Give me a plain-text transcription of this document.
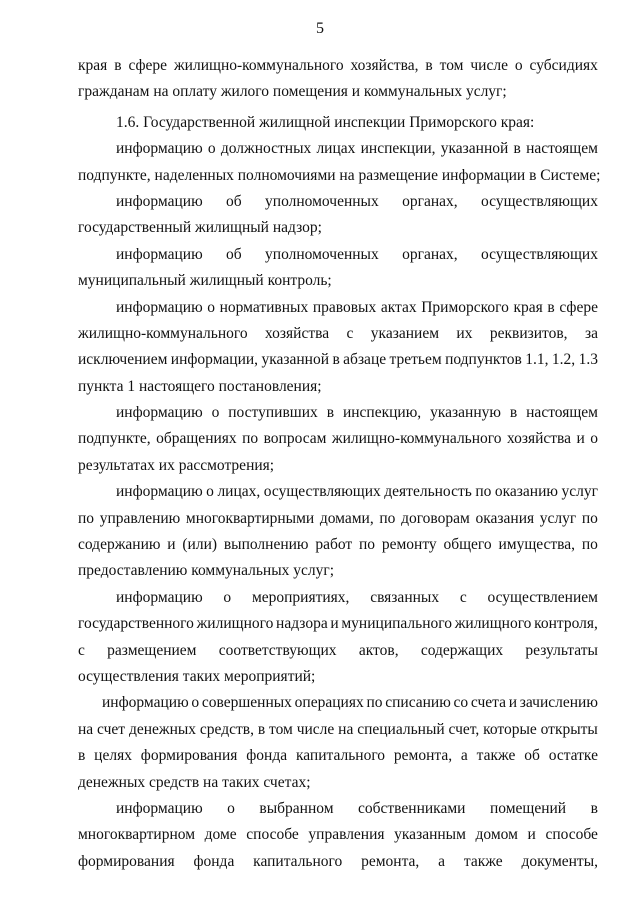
5
края в сфере жилищно-коммунального хозяйства, в том числе о субсидиях
гражданам на оплату жилого помещения и коммунальных услуг;
1.6. Государственной жилищной инспекции Приморского края:
информацию о должностных лицах инспекции, указанной в настоящем
подпункте, наделенных полномочиями на размещение информации в Системе;
информацию об уполномоченных органах, осуществляющих
государственный жилищный надзор;
информацию об уполномоченных органах, осуществляющих
муниципальный жилищный контроль;
информацию о нормативных правовых актах Приморского края в сфере
жилищно-коммунального хозяйства с указанием их реквизитов, за
исключением информации, указанной в абзаце третьем подпунктов 1.1, 1.2, 1.3
пункта 1 настоящего постановления;
информацию о поступивших в инспекцию, указанную в настоящем
подпункте, обращениях по вопросам жилищно-коммунального хозяйства и о
результатах их рассмотрения;
информацию о лицах, осуществляющих деятельность по оказанию услуг
по управлению многоквартирными домами, по договорам оказания услуг по
содержанию и (или) выполнению работ по ремонту общего имущества, по
предоставлению коммунальных услуг;
информацию о мероприятиях, связанных с осуществлением
государственного жилищного надзора и муниципального жилищного контроля,
с размещением соответствующих актов, содержащих результаты
осуществления таких мероприятий;
информацию о совершенных операциях по списанию со счета и зачислению
на счет денежных средств, в том числе на специальный счет, которые открыты
в целях формирования фонда капитального ремонта, а также об остатке
денежных средств на таких счетах;
информацию о выбранном собственниками помещений в
многоквартирном доме способе управления указанным домом и способе
формирования фонда капитального ремонта, а также документы,
